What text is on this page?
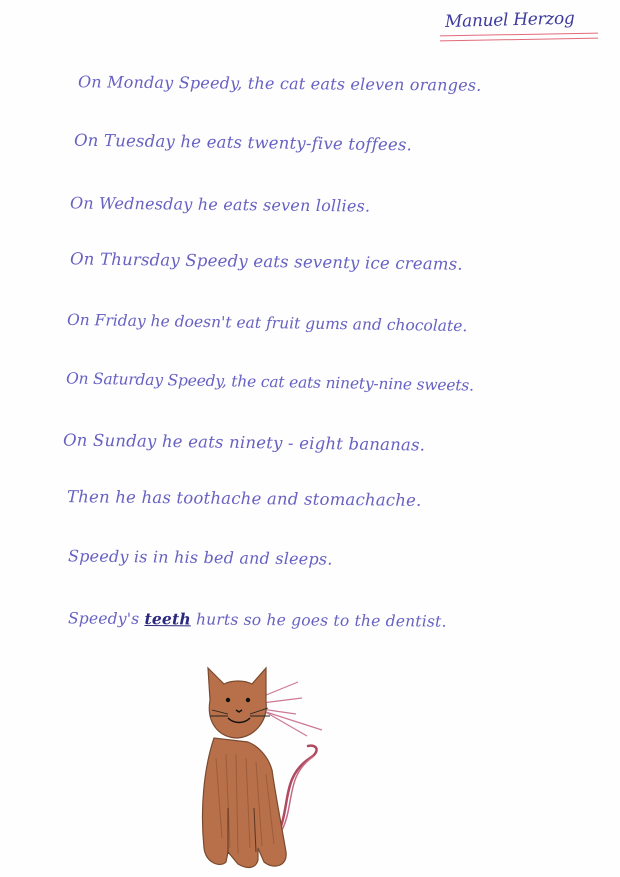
Manuel Herzog
On Monday Speedy, the cat eats eleven oranges.
On Tuesday he eats twenty-five toffees.
On Wednesday he eats seven lollies.
On Thursday Speedy eats seventy ice creams.
On Friday he doesn't eat fruit gums and chocolate.
On Saturday Speedy, the cat eats ninety-nine sweets.
On Sunday he eats ninety - eight bananas.
Then he has toothache and stomachache.
Speedy is in his bed and sleeps.
Speedy's teeth hurts so he goes to the dentist.
